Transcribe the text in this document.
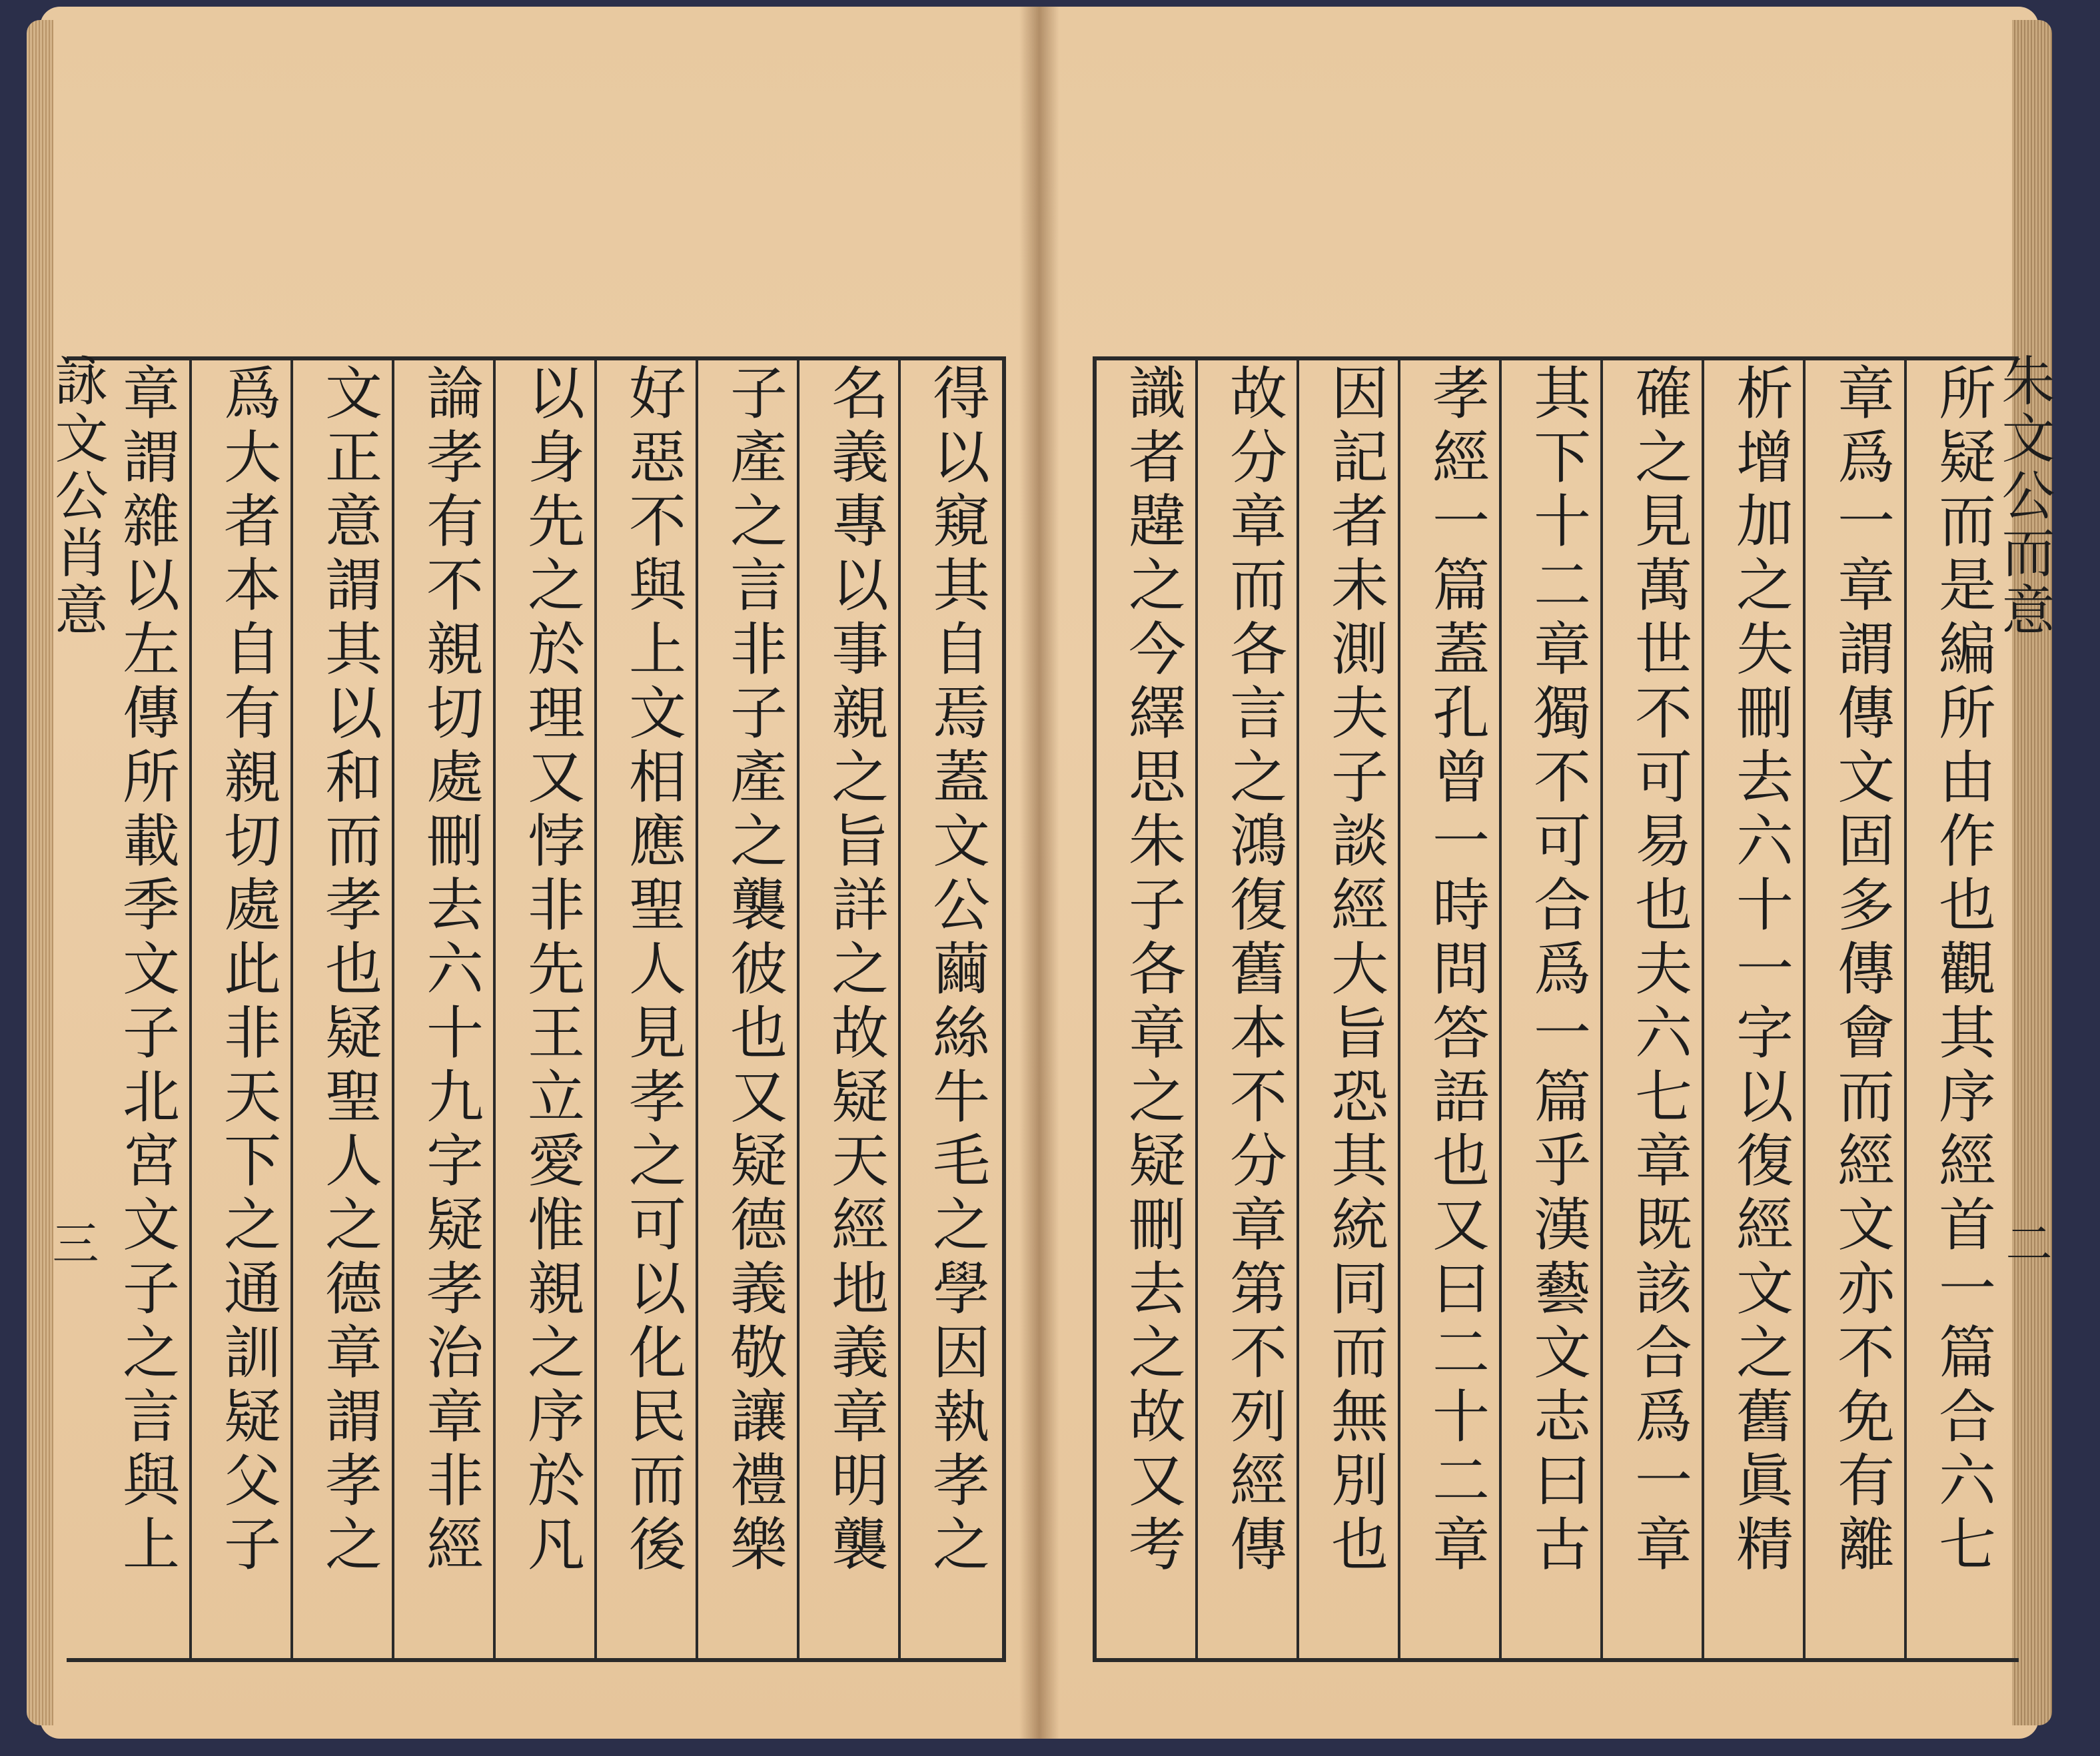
詠文公肖意
三	得以窺其自焉蓋文公繭絲牛毛之學因執孝之
名義專以事親之旨詳之故疑天經地義章明襲
子產之言非子產之襲彼也又疑德義敬讓禮樂
好惡不與上文相應聖人見孝之可以化民而後
以身先之於理又悖非先王立愛惟親之序於凡
論孝有不親切處刪去六十九字疑孝治章非經
文正意謂其以和而孝也疑聖人之德章謂孝之
爲大者本自有親切處此非天下之通訓疑父子
章謂雜以左傳所載季文子北宮文子之言與上	朱文公而意
二
所疑而是編所由作也觀其序經首一篇合六七
章爲一章謂傳文固多傳會而經文亦不免有離
析增加之失刪去六十一字以復經文之舊眞精
確之見萬世不可易也夫六七章既該合爲一章
其下十二章獨不可合爲一篇乎漢藝文志曰古
孝經一篇蓋孔曾一時問答語也又曰二十二章
因記者未測夫子談經大旨恐其統同而無別也
故分章而各言之鴻復舊本不分章第不列經傳
識者韙之今繹思朱子各章之疑刪去之故又考
